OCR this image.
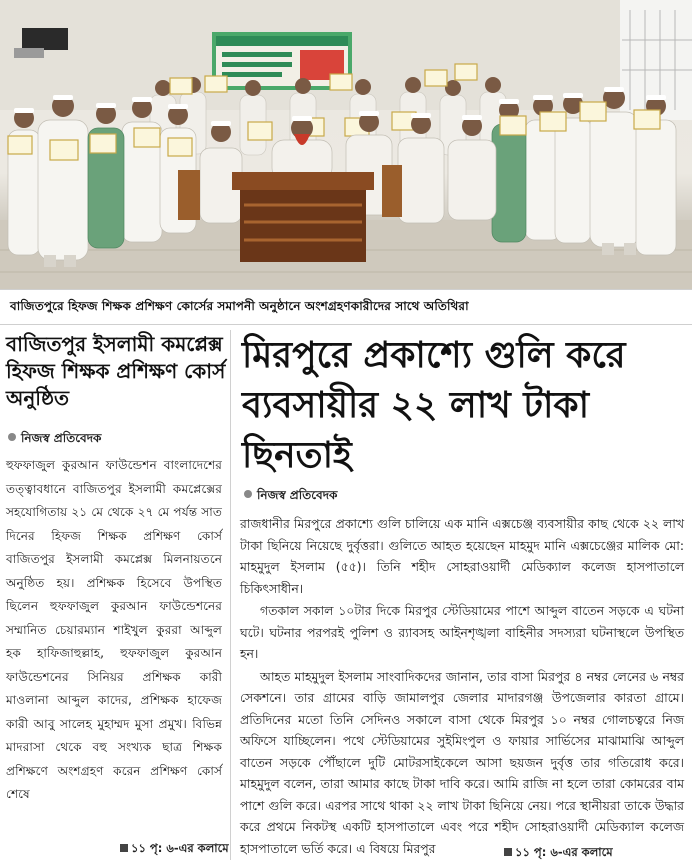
বাজিতপুরে হিফজ শিক্ষক প্রশিক্ষণ কোর্সের সমাপনী অনুষ্ঠানে অংশগ্রহণকারীদের সাথে অতিথিরা
বাজিতপুর ইসলামী কমপ্লেক্স হিফজ শিক্ষক প্রশিক্ষণ কোর্স অনুষ্ঠিত
নিজস্ব প্রতিবেদক
হুফফাজুল কুরআন ফাউন্ডেশন বাংলাদেশের তত্ত্বাবধানে বাজিতপুর ইসলামী কমপ্লেক্সের সহযোগিতায় ২১ মে থেকে ২৭ মে পর্যন্ত সাত দিনের হিফজ শিক্ষক প্রশিক্ষণ কোর্স বাজিতপুর ইসলামী কমপ্লেক্স মিলনায়তনে অনুষ্ঠিত হয়। প্রশিক্ষক হিসেবে উপস্থিত ছিলেন হুফফাজুল কুরআন ফাউন্ডেশনের সম্মানিত চেয়ারম্যান শাইখুল কুররা আব্দুল হক হাফিজাহুল্লাহ, হুফফাজুল কুরআন ফাউন্ডেশনের সিনিয়র প্রশিক্ষক কারী মাওলানা আব্দুল কাদের, প্রশিক্ষক হাফেজ কারী আবু সালেহ মুহাম্মদ মুসা প্রমুখ। বিভিন্ন মাদরাসা থেকে বহু সংখ্যক ছাত্র শিক্ষক প্রশিক্ষণে অংশগ্রহণ করেন প্রশিক্ষণ কোর্স শেষে
১১ পৃ: ৬-এর কলামে
মিরপুরে প্রকাশ্যে গুলি করে ব্যবসায়ীর ২২ লাখ টাকা ছিনতাই
নিজস্ব প্রতিবেদক

রাজধানীর মিরপুরে প্রকাশ্যে গুলি চালিয়ে এক মানি এক্সচেঞ্জ ব্যবসায়ীর কাছ থেকে ২২ লাখ টাকা ছিনিয়ে নিয়েছে দুর্বৃত্তরা। গুলিতে আহত হয়েছেন মাহমুদ মানি এক্সচেঞ্জের মালিক মো: মাহমুদুল ইসলাম (৫৫)। তিনি শহীদ সোহরাওয়ার্দী মেডিক্যাল কলেজ হাসপাতালে চিকিৎসাধীন।

গতকাল সকাল ১০টার দিকে মিরপুর স্টেডিয়ামের পাশে আব্দুল বাতেন সড়কে এ ঘটনা ঘটে। ঘটনার পরপরই পুলিশ ও র‍্যাবসহ আইনশৃঙ্খলা বাহিনীর সদস্যরা ঘটনাস্থলে উপস্থিত হন।

আহত মাহমুদুল ইসলাম সাংবাদিকদের জানান, তার বাসা মিরপুর ৪ নম্বর লেনের ৬ নম্বর সেকশনে। তার গ্রামের বাড়ি জামালপুর জেলার মাদারগঞ্জ উপজেলার কারতা গ্রামে। প্রতিদিনের মতো তিনি সেদিনও সকালে বাসা থেকে মিরপুর ১০ নম্বর গোলচত্বরে নিজ অফিসে যাচ্ছিলেন। পথে স্টেডিয়ামের সুইমিংপুল ও ফায়ার সার্ভিসের মাঝামাঝি আব্দুল বাতেন সড়কে পৌঁছালে দুটি মোটরসাইকেলে আসা ছয়জন দুর্বৃত্ত তার গতিরোধ করে। মাহমুদুল বলেন, তারা আমার কাছে টাকা দাবি করে। আমি রাজি না হলে তারা কোমরের বাম পাশে গুলি করে। এরপর সাথে থাকা ২২ লাখ টাকা ছিনিয়ে নেয়। পরে স্থানীয়রা তাকে উদ্ধার করে প্রথমে নিকটস্থ একটি হাসপাতালে এবং পরে শহীদ সোহরাওয়ার্দী মেডিক্যাল কলেজ হাসপাতালে ভর্তি করে। এ বিষয়ে মিরপুর	১১ পৃ: ৬-এর কলামে
